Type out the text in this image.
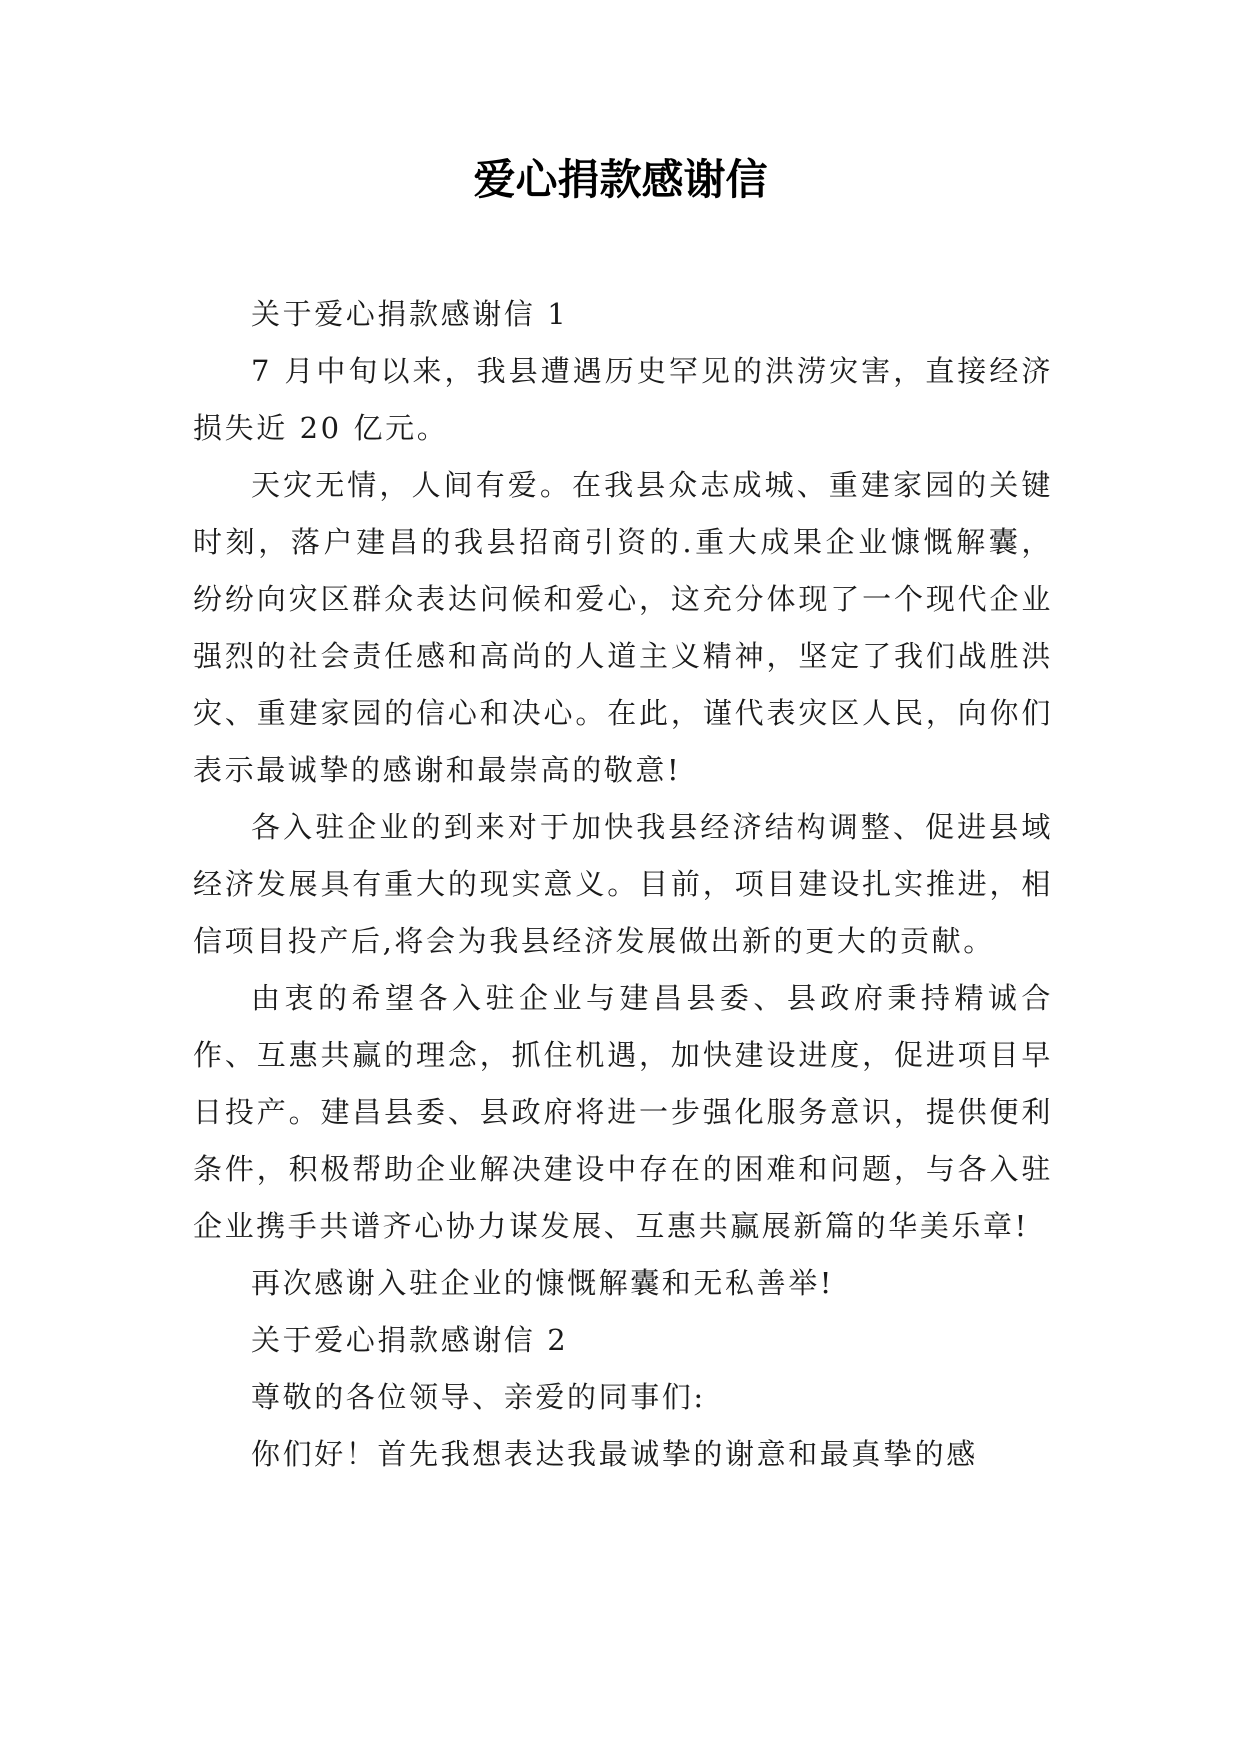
爱心捐款感谢信

关于爱心捐款感谢信 1

7 月中旬以来，我县遭遇历史罕见的洪涝灾害，直接经济损失近 20 亿元。

天灾无情，人间有爱。在我县众志成城、重建家园的关键时刻，落户建昌的我县招商引资的.重大成果企业慷慨解囊，纷纷向灾区群众表达问候和爱心，这充分体现了一个现代企业强烈的社会责任感和高尚的人道主义精神，坚定了我们战胜洪灾、重建家园的信心和决心。在此，谨代表灾区人民，向你们表示最诚挚的感谢和最崇高的敬意!

各入驻企业的到来对于加快我县经济结构调整、促进县域经济发展具有重大的现实意义。目前，项目建设扎实推进，相信项目投产后,将会为我县经济发展做出新的更大的贡献。

由衷的希望各入驻企业与建昌县委、县政府秉持精诚合作、互惠共赢的理念，抓住机遇，加快建设进度，促进项目早日投产。建昌县委、县政府将进一步强化服务意识，提供便利条件，积极帮助企业解决建设中存在的困难和问题，与各入驻企业携手共谱齐心协力谋发展、互惠共赢展新篇的华美乐章!

再次感谢入驻企业的慷慨解囊和无私善举!

关于爱心捐款感谢信 2

尊敬的各位领导、亲爱的同事们:

你们好！首先我想表达我最诚挚的谢意和最真挚的感
